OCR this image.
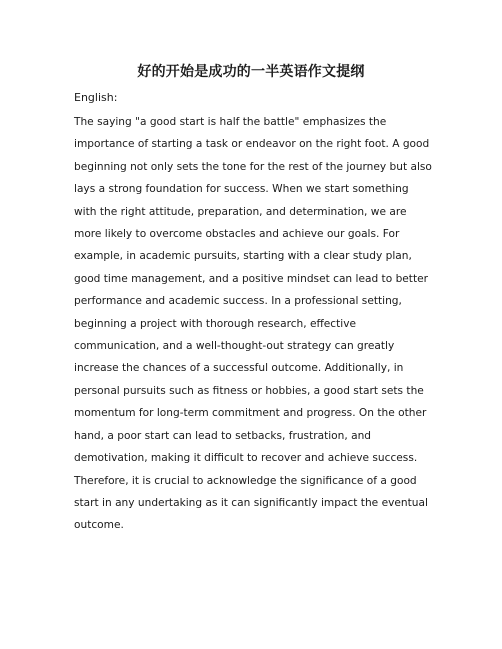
好的开始是成功的一半英语作文提纲
English:

The saying "a good start is half the battle" emphasizes the importance of starting a task or endeavor on the right foot. A good beginning not only sets the tone for the rest of the journey but also lays a strong foundation for success. When we start something with the right attitude, preparation, and determination, we are more likely to overcome obstacles and achieve our goals. For example, in academic pursuits, starting with a clear study plan, good time management, and a positive mindset can lead to better performance and academic success. In a professional setting, beginning a project with thorough research, effective communication, and a well-thought-out strategy can greatly increase the chances of a successful outcome. Additionally, in personal pursuits such as fitness or hobbies, a good start sets the momentum for long-term commitment and progress. On the other hand, a poor start can lead to setbacks, frustration, and demotivation, making it difficult to recover and achieve success. Therefore, it is crucial to acknowledge the significance of a good start in any undertaking as it can significantly impact the eventual outcome.
